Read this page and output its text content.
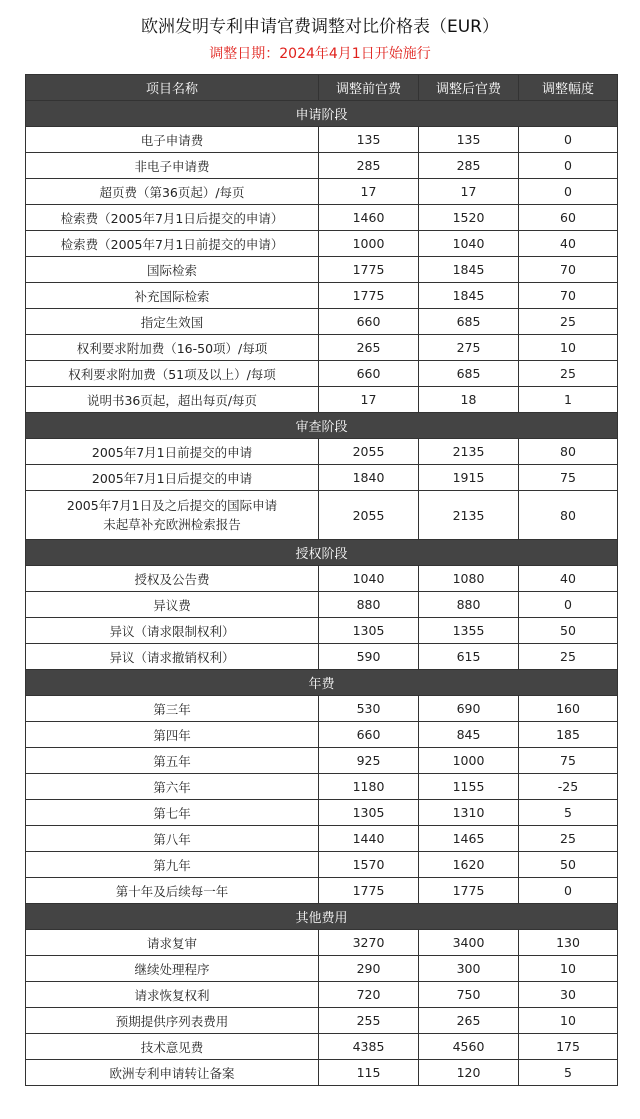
欧洲发明专利申请官费调整对比价格表（EUR）
调整日期：2024年4月1日开始施行
项目名称	调整前官费	调整后官费	调整幅度
申请阶段			
电子申请费	135	135	0
非电子申请费	285	285	0
超页费（第36页起）/每页	17	17	0
检索费（2005年7月1日后提交的申请）	1460	1520	60
检索费（2005年7月1日前提交的申请）	1000	1040	40
国际检索	1775	1845	70
补充国际检索	1775	1845	70
指定生效国	660	685	25
权利要求附加费（16-50项）/每项	265	275	10
权利要求附加费（51项及以上）/每项	660	685	25
说明书36页起，超出每页/每页	17	18	1
审查阶段			
2005年7月1日前提交的申请	2055	2135	80
2005年7月1日后提交的申请	1840	1915	75

2005年7月1日及之后提交的国际申请
未起草补充欧洲检索报告	2055	2135	80
授权阶段			
授权及公告费	1040	1080	40
异议费	880	880	0
异议（请求限制权利）	1305	1355	50
异议（请求撤销权利）	590	615	25
年费			
第三年	530	690	160
第四年	660	845	185
第五年	925	1000	75
第六年	1180	1155	-25
第七年	1305	1310	5
第八年	1440	1465	25
第九年	1570	1620	50
第十年及后续每一年	1775	1775	0
其他费用			
请求复审	3270	3400	130
继续处理程序	290	300	10
请求恢复权利	720	750	30
预期提供序列表费用	255	265	10
技术意见费	4385	4560	175
欧洲专利申请转让备案	115	120	5
